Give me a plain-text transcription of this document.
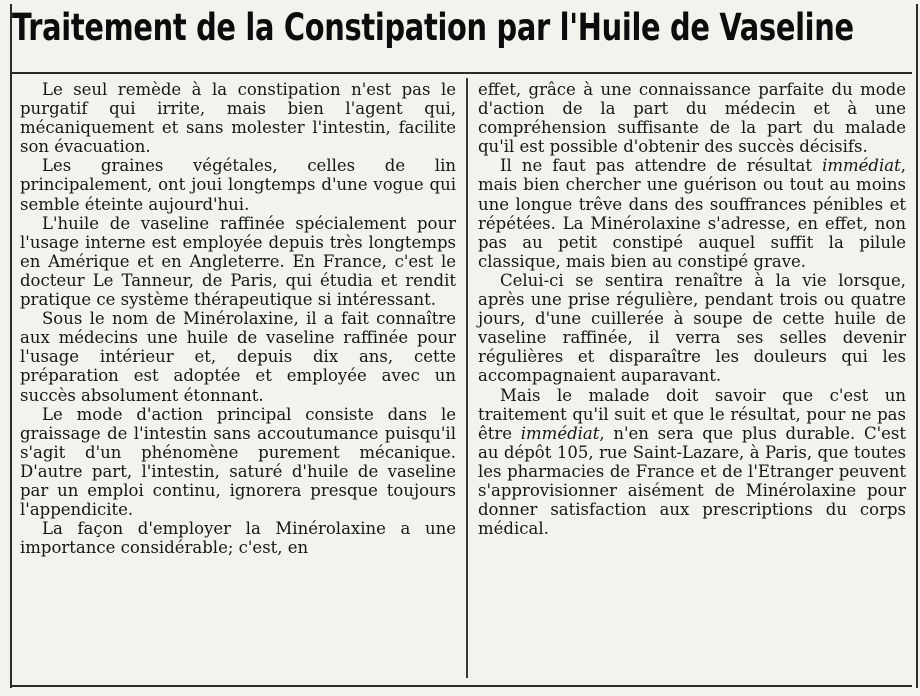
Traitement de la Constipation par l'Huile de Vaseline

Le seul remède à la constipation n'est pas le purgatif qui irrite, mais bien l'agent qui, mécaniquement et sans molester l'intestin, facilite son évacuation.

Les graines végétales, celles de lin principalement, ont joui longtemps d'une vogue qui semble éteinte aujourd'hui.

L'huile de vaseline raffinée spécialement pour l'usage interne est employée depuis très longtemps en Amérique et en Angleterre. En France, c'est le docteur Le Tanneur, de Paris, qui étudia et rendit pratique ce système thérapeutique si intéressant.

Sous le nom de Minérolaxine, il a fait connaître aux médecins une huile de vaseline raffinée pour l'usage intérieur et, depuis dix ans, cette préparation est adoptée et employée avec un succès absolument étonnant.

Le mode d'action principal consiste dans le graissage de l'intestin sans accoutumance puisqu'il s'agit d'un phénomène purement mécanique. D'autre part, l'intestin, saturé d'huile de vaseline par un emploi continu, ignorera presque toujours l'appendicite.

La façon d'employer la Minérolaxine a une importance considérable; c'est, en

effet, grâce à une connaissance parfaite du mode d'action de la part du médecin et à une compréhension suffisante de la part du malade qu'il est possible d'obtenir des succès décisifs.

Il ne faut pas attendre de résultat immédiat, mais bien chercher une guérison ou tout au moins une longue trêve dans des souffrances pénibles et répétées. La Minérolaxine s'adresse, en effet, non pas au petit constipé auquel suffit la pilule classique, mais bien au constipé grave.

Celui-ci se sentira renaître à la vie lorsque, après une prise régulière, pendant trois ou quatre jours, d'une cuillerée à soupe de cette huile de vaseline raffinée, il verra ses selles devenir régulières et disparaître les douleurs qui les accompagnaient auparavant.

Mais le malade doit savoir que c'est un traitement qu'il suit et que le résultat, pour ne pas être immédiat, n'en sera que plus durable. C'est au dépôt 105, rue Saint-Lazare, à Paris, que toutes les pharmacies de France et de l'Etranger peuvent s'approvisionner aisément de Minérolaxine pour donner satisfaction aux prescriptions du corps médical.
